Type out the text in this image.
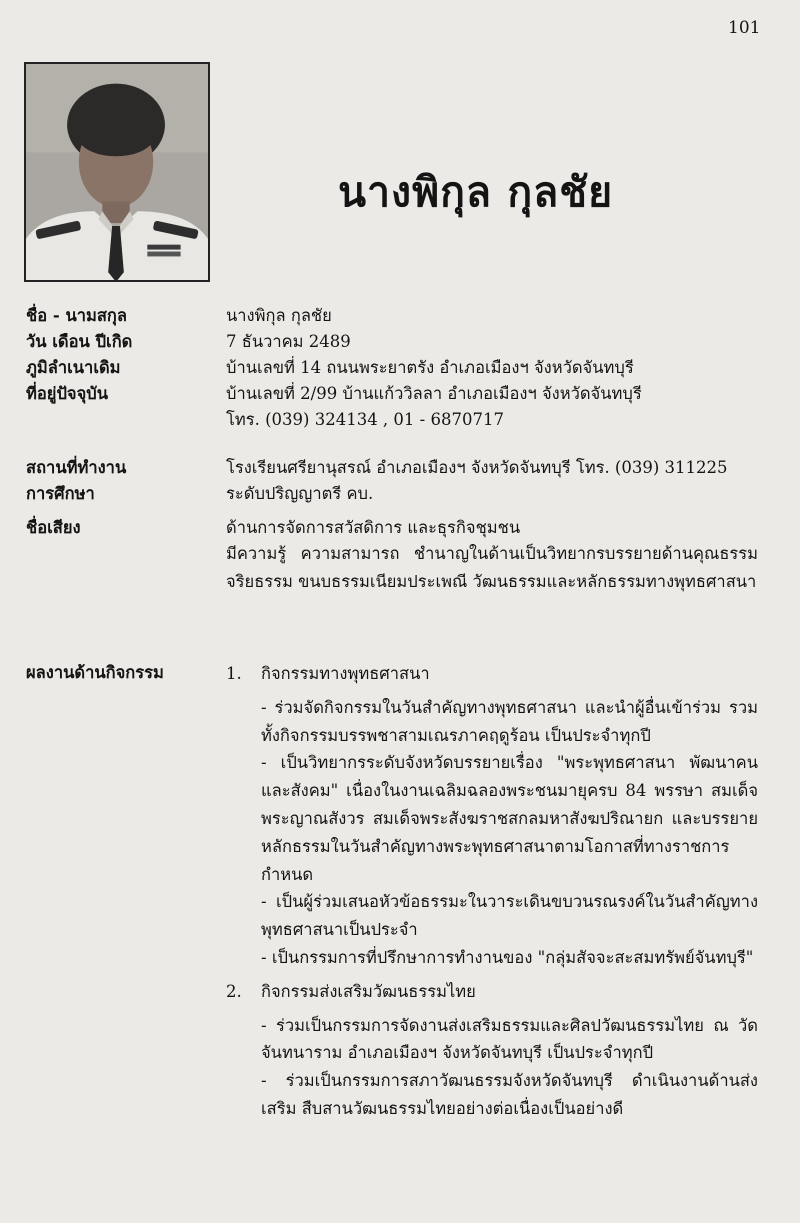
101
นางพิกุล กุลชัย
ชื่อ - นามสกุล	นางพิกุล กุลชัย
วัน เดือน ปีเกิด	7 ธันวาคม 2489
ภูมิลำเนาเดิม	บ้านเลขที่ 14 ถนนพระยาตรัง อำเภอเมืองฯ จังหวัดจันทบุรี
ที่อยู่ปัจจุบัน	บ้านเลขที่ 2/99 บ้านแก้ววิลลา อำเภอเมืองฯ จังหวัดจันทบุรี
โทร. (039) 324134 , 01 - 6870717
สถานที่ทำงาน	โรงเรียนศรียานุสรณ์ อำเภอเมืองฯ จังหวัดจันทบุรี โทร. (039) 311225
การศึกษา	ระดับปริญญาตรี คบ.
ชื่อเสียง	ด้านการจัดการสวัสดิการ และธุรกิจชุมชน
มีความรู้ ความสามารถ ชำนาญในด้านเป็นวิทยากรบรรยายด้านคุณธรรม จริยธรรม ขนบธรรมเนียมประเพณี วัฒนธรรมและหลักธรรมทางพุทธศาสนา
ผลงานด้านกิจกรรม	1. กิจกรรมทางพุทธศาสนา
- ร่วมจัดกิจกรรมในวันสำคัญทางพุทธศาสนา และนำผู้อื่นเข้าร่วม รวมทั้งกิจกรรมบรรพชาสามเณรภาคฤดูร้อน เป็นประจำทุกปี
- เป็นวิทยากรระดับจังหวัดบรรยายเรื่อง "พระพุทธศาสนา พัฒนาคน และสังคม" เนื่องในงานเฉลิมฉลองพระชนมายุครบ 84 พรรษา สมเด็จพระญาณสังวร สมเด็จพระสังฆราชสกลมหาสังฆปริณายก และบรรยายหลักธรรมในวันสำคัญทางพระพุทธศาสนาตามโอกาสที่ทางราชการกำหนด
- เป็นผู้ร่วมเสนอหัวข้อธรรมะในวาระเดินขบวนรณรงค์ในวันสำคัญทางพุทธศาสนาเป็นประจำ
- เป็นกรรมการที่ปรึกษาการทำงานของ "กลุ่มสัจจะสะสมทรัพย์จันทบุรี"
2. กิจกรรมส่งเสริมวัฒนธรรมไทย
- ร่วมเป็นกรรมการจัดงานส่งเสริมธรรมและศิลปวัฒนธรรมไทย ณ วัดจันทนาราม อำเภอเมืองฯ จังหวัดจันทบุรี เป็นประจำทุกปี
- ร่วมเป็นกรรมการสภาวัฒนธรรมจังหวัดจันทบุรี ดำเนินงานด้านส่งเสริม สืบสานวัฒนธรรมไทยอย่างต่อเนื่องเป็นอย่างดี
